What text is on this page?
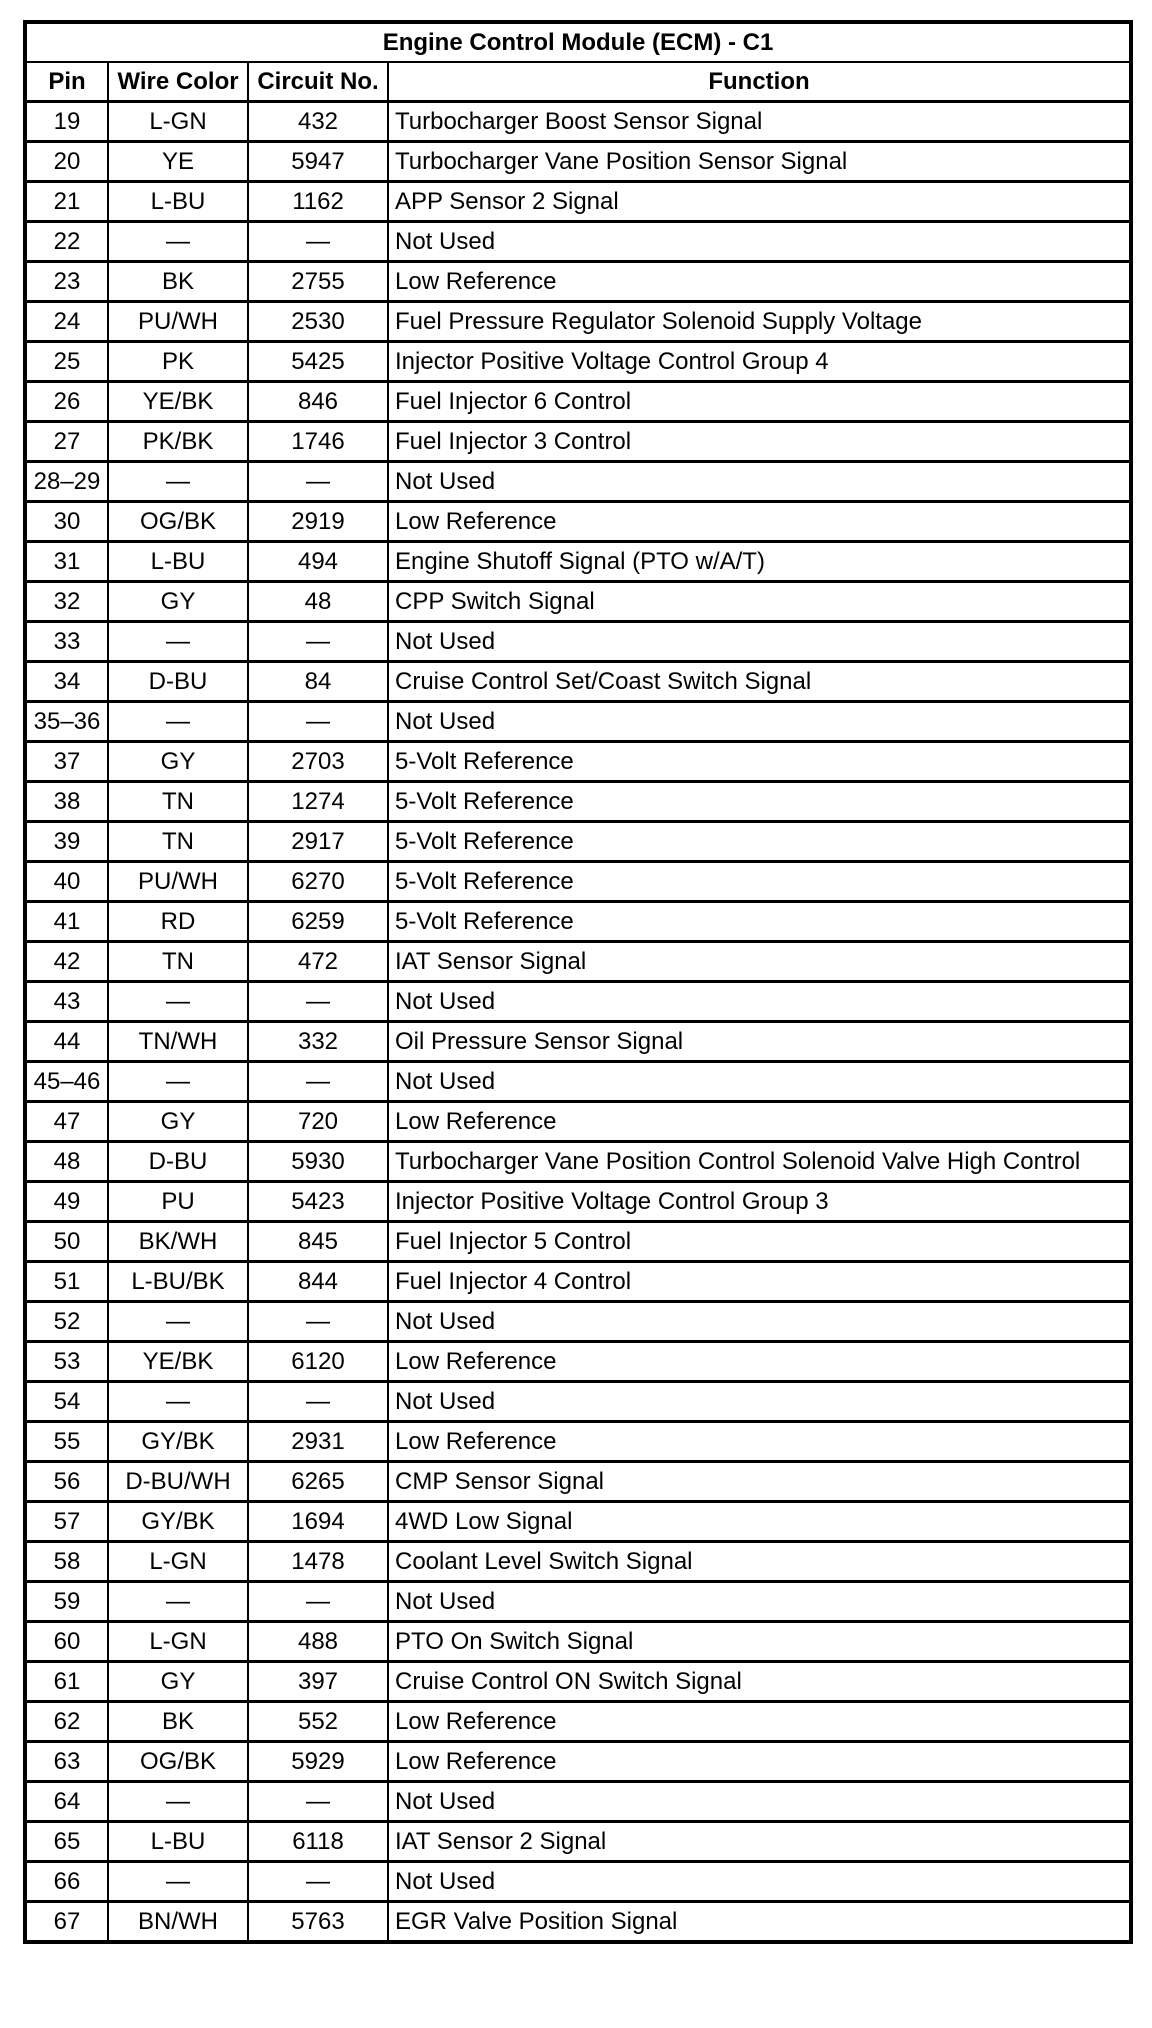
Engine Control Module (ECM) - C1			
Pin	Wire Color	Circuit No.	Function
19	L-GN	432	Turbocharger Boost Sensor Signal
20	YE	5947	Turbocharger Vane Position Sensor Signal
21	L-BU	1162	APP Sensor 2 Signal
22	—	—	Not Used
23	BK	2755	Low Reference
24	PU/WH	2530	Fuel Pressure Regulator Solenoid Supply Voltage
25	PK	5425	Injector Positive Voltage Control Group 4
26	YE/BK	846	Fuel Injector 6 Control
27	PK/BK	1746	Fuel Injector 3 Control
28–29	—	—	Not Used
30	OG/BK	2919	Low Reference
31	L-BU	494	Engine Shutoff Signal (PTO w/A/T)
32	GY	48	CPP Switch Signal
33	—	—	Not Used
34	D-BU	84	Cruise Control Set/Coast Switch Signal
35–36	—	—	Not Used
37	GY	2703	5-Volt Reference
38	TN	1274	5-Volt Reference
39	TN	2917	5-Volt Reference
40	PU/WH	6270	5-Volt Reference
41	RD	6259	5-Volt Reference
42	TN	472	IAT Sensor Signal
43	—	—	Not Used
44	TN/WH	332	Oil Pressure Sensor Signal
45–46	—	—	Not Used
47	GY	720	Low Reference
48	D-BU	5930	Turbocharger Vane Position Control Solenoid Valve High Control
49	PU	5423	Injector Positive Voltage Control Group 3
50	BK/WH	845	Fuel Injector 5 Control
51	L-BU/BK	844	Fuel Injector 4 Control
52	—	—	Not Used
53	YE/BK	6120	Low Reference
54	—	—	Not Used
55	GY/BK	2931	Low Reference
56	D-BU/WH	6265	CMP Sensor Signal
57	GY/BK	1694	4WD Low Signal
58	L-GN	1478	Coolant Level Switch Signal
59	—	—	Not Used
60	L-GN	488	PTO On Switch Signal
61	GY	397	Cruise Control ON Switch Signal
62	BK	552	Low Reference
63	OG/BK	5929	Low Reference
64	—	—	Not Used
65	L-BU	6118	IAT Sensor 2 Signal
66	—	—	Not Used
67	BN/WH	5763	EGR Valve Position Signal
